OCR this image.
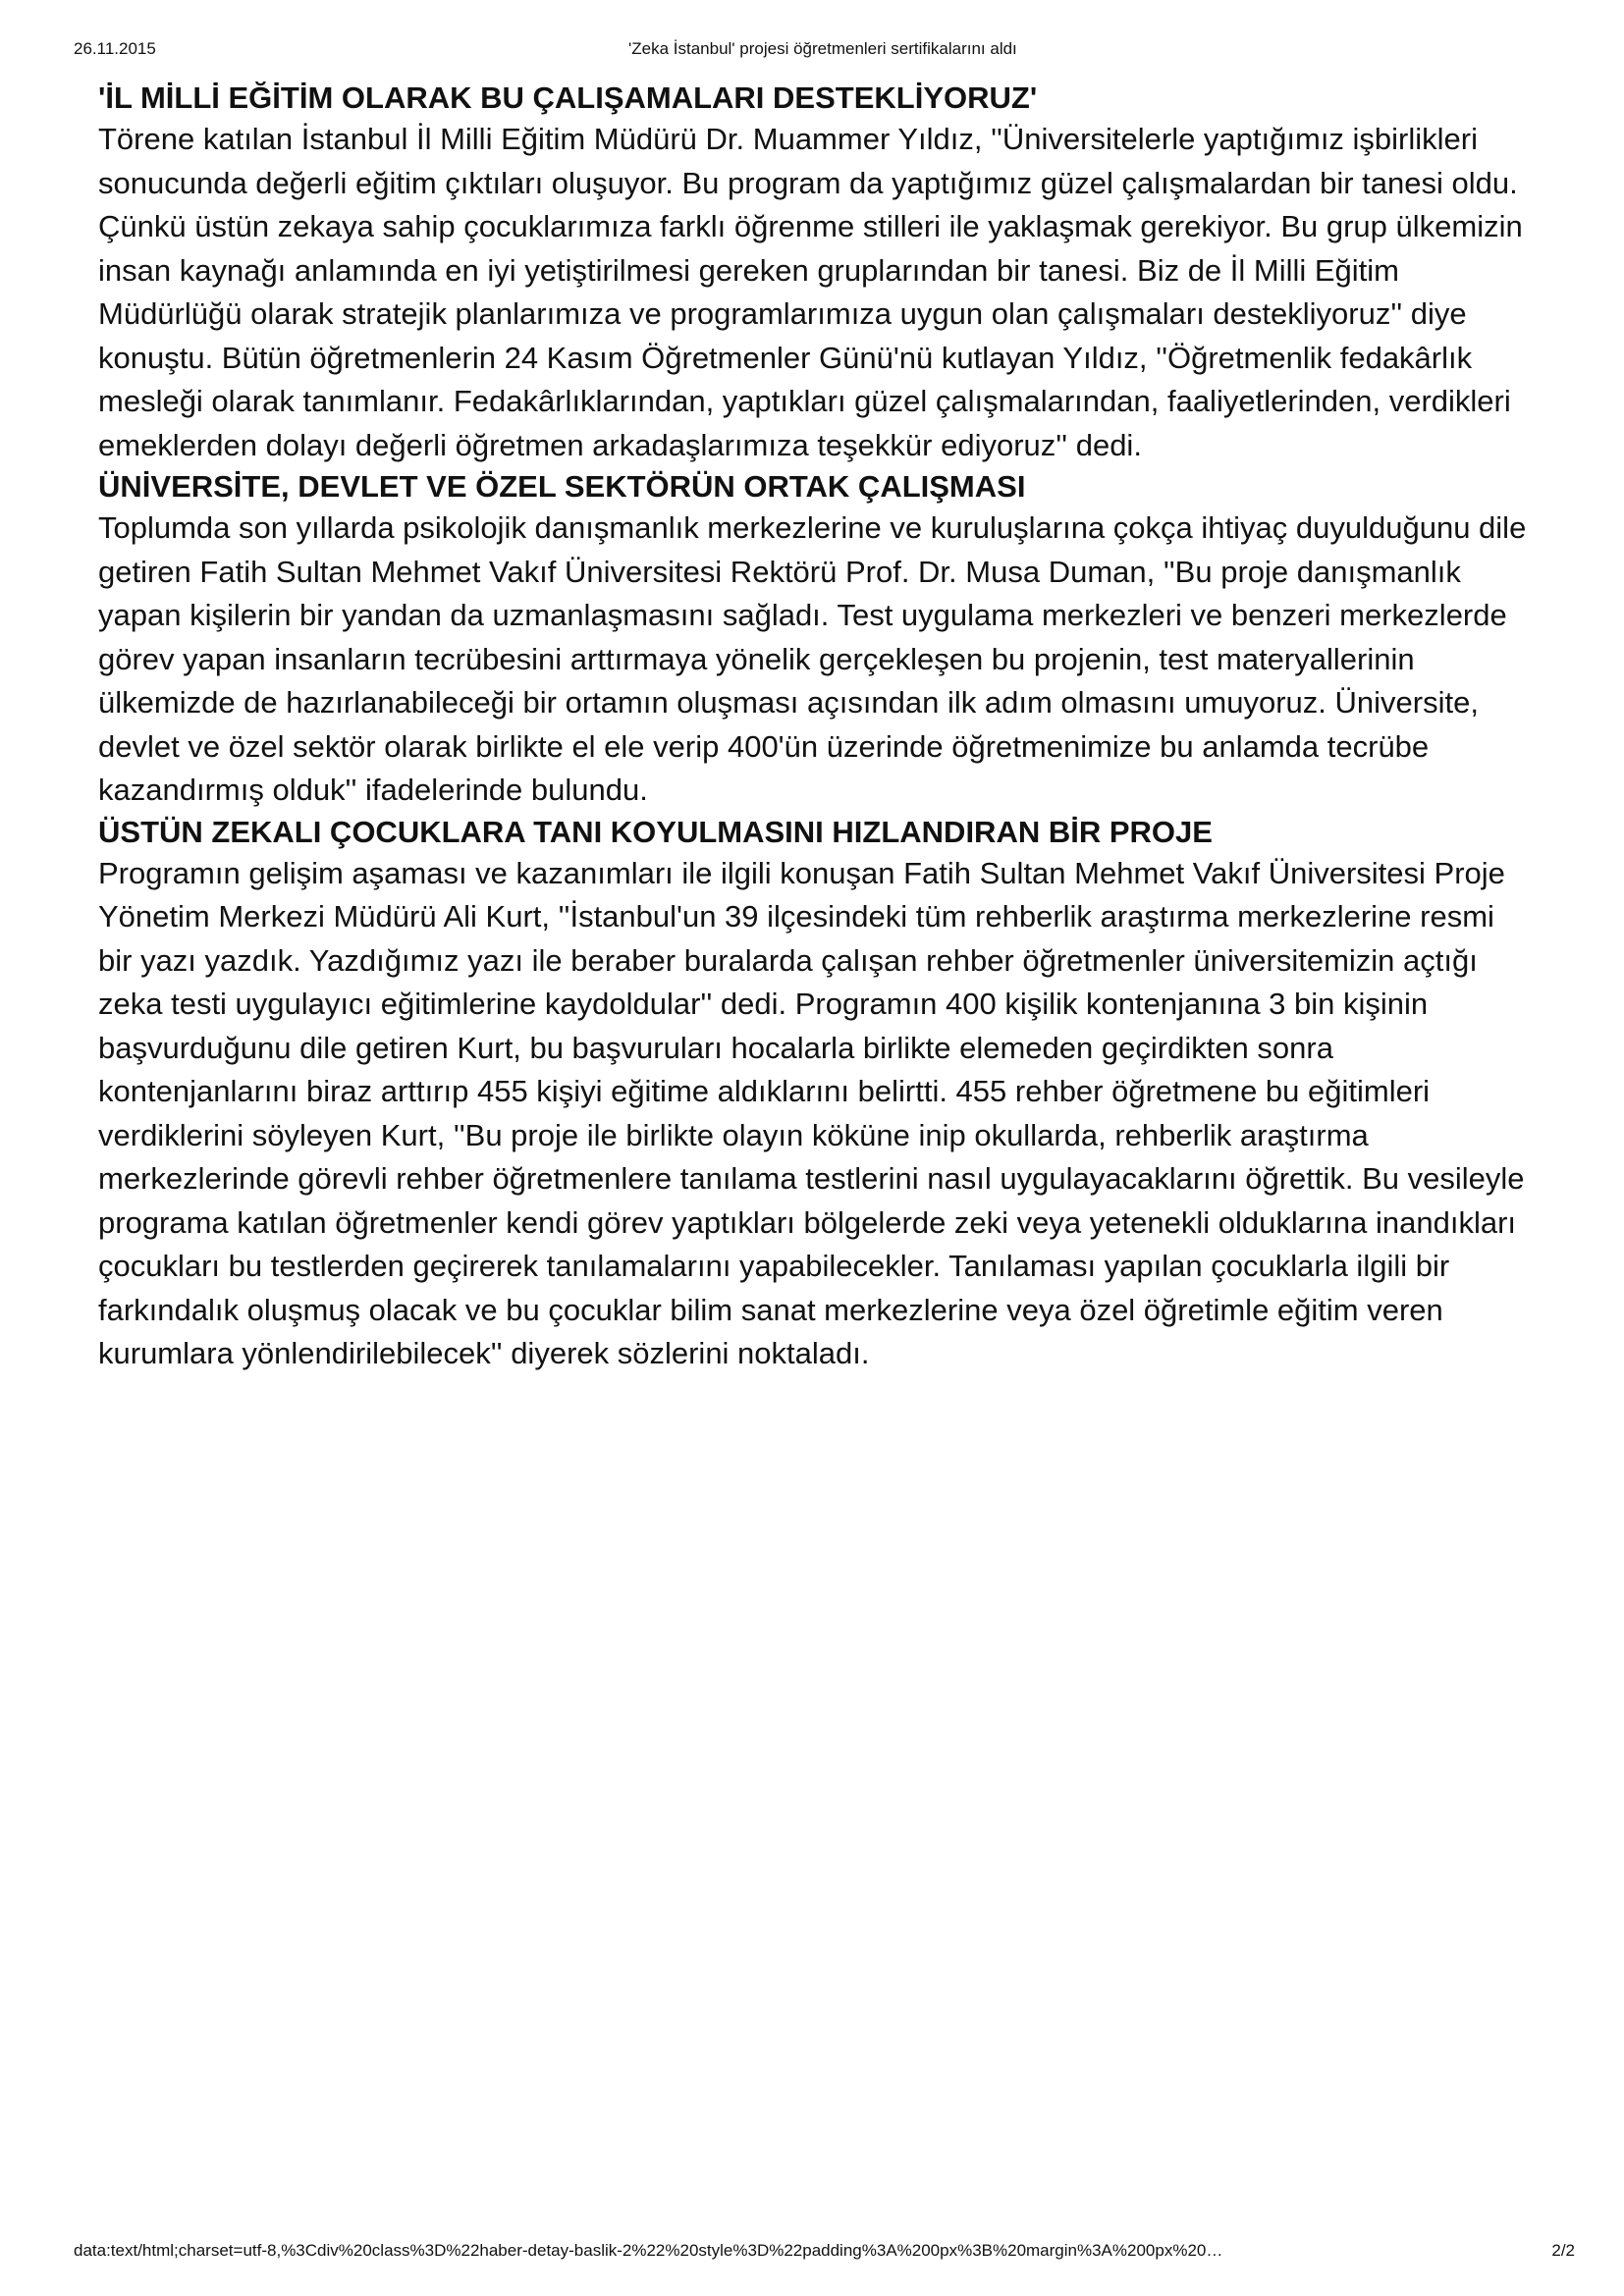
26.11.2015	'Zeka İstanbul' projesi öğretmenleri sertifikalarını aldı
'İL MİLLİ EĞİTİM OLARAK BU ÇALIŞAMALARI DESTEKLİYORUZ'

Törene katılan İstanbul İl Milli Eğitim Müdürü Dr. Muammer Yıldız, ''Üniversitelerle yaptığımız işbirlikleri sonucunda değerli eğitim çıktıları oluşuyor. Bu program da yaptığımız güzel çalışmalardan bir tanesi oldu. Çünkü üstün zekaya sahip çocuklarımıza farklı öğrenme stilleri ile yaklaşmak gerekiyor. Bu grup ülkemizin insan kaynağı anlamında en iyi yetiştirilmesi gereken gruplarından bir tanesi. Biz de İl Milli Eğitim Müdürlüğü olarak stratejik planlarımıza ve programlarımıza uygun olan çalışmaları destekliyoruz'' diye konuştu. Bütün öğretmenlerin 24 Kasım Öğretmenler Günü'nü kutlayan Yıldız, ''Öğretmenlik fedakârlık mesleği olarak tanımlanır. Fedakârlıklarından, yaptıkları güzel çalışmalarından, faaliyetlerinden, verdikleri emeklerden dolayı değerli öğretmen arkadaşlarımıza teşekkür ediyoruz'' dedi.

ÜNİVERSİTE, DEVLET VE ÖZEL SEKTÖRÜN ORTAK ÇALIŞMASI

Toplumda son yıllarda psikolojik danışmanlık merkezlerine ve kuruluşlarına çokça ihtiyaç duyulduğunu dile getiren Fatih Sultan Mehmet Vakıf Üniversitesi Rektörü Prof. Dr. Musa Duman, ''Bu proje danışmanlık yapan kişilerin bir yandan da uzmanlaşmasını sağladı. Test uygulama merkezleri ve benzeri merkezlerde görev yapan insanların tecrübesini arttırmaya yönelik gerçekleşen bu projenin, test materyallerinin ülkemizde de hazırlanabileceği bir ortamın oluşması açısından ilk adım olmasını umuyoruz. Üniversite, devlet ve özel sektör olarak birlikte el ele verip 400'ün üzerinde öğretmenimize bu anlamda tecrübe kazandırmış olduk'' ifadelerinde bulundu.

ÜSTÜN ZEKALI ÇOCUKLARA TANI KOYULMASINI HIZLANDIRAN BİR PROJE

Programın gelişim aşaması ve kazanımları ile ilgili konuşan Fatih Sultan Mehmet Vakıf Üniversitesi Proje Yönetim Merkezi Müdürü Ali Kurt, ''İstanbul'un 39 ilçesindeki tüm rehberlik araştırma merkezlerine resmi bir yazı yazdık. Yazdığımız yazı ile beraber buralarda çalışan rehber öğretmenler üniversitemizin açtığı zeka testi uygulayıcı eğitimlerine kaydoldular'' dedi. Programın 400 kişilik kontenjanına 3 bin kişinin başvurduğunu dile getiren Kurt, bu başvuruları hocalarla birlikte elemeden geçirdikten sonra kontenjanlarını biraz arttırıp 455 kişiyi eğitime aldıklarını belirtti. 455 rehber öğretmene bu eğitimleri verdiklerini söyleyen Kurt, ''Bu proje ile birlikte olayın köküne inip okullarda, rehberlik araştırma merkezlerinde görevli rehber öğretmenlere tanılama testlerini nasıl uygulayacaklarını öğrettik. Bu vesileyle programa katılan öğretmenler kendi görev yaptıkları bölgelerde zeki veya yetenekli olduklarına inandıkları çocukları bu testlerden geçirerek tanılamalarını yapabilecekler. Tanılaması yapılan çocuklarla ilgili bir farkındalık oluşmuş olacak ve bu çocuklar bilim sanat merkezlerine veya özel öğretimle eğitim veren kurumlara yönlendirilebilecek'' diyerek sözlerini noktaladı.

data:text/html;charset=utf-8,%3Cdiv%20class%3D%22haber-detay-baslik-2%22%20style%3D%22padding%3A%200px%3B%20margin%3A%200px%20…	2/2
